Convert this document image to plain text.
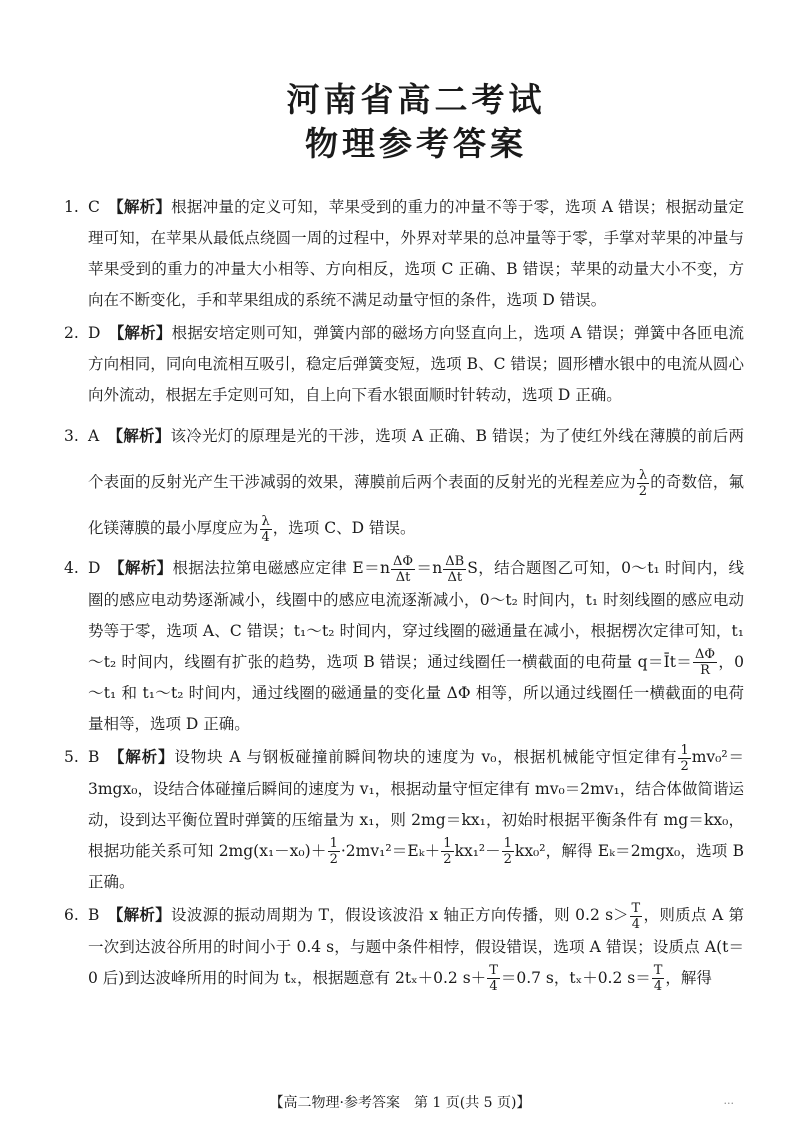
河南省高二考试
物理参考答案

1. C　 【解析】根据冲量的定义可知，苹果受到的重力的冲量不等于零，选项 A 错误；根据动量定理可知，在苹果从最低点绕圆一周的过程中，外界对苹果的总冲量等于零，手掌对苹果的冲量与苹果受到的重力的冲量大小相等、方向相反，选项 C 正确、B 错误；苹果的动量大小不变，方向在不断变化，手和苹果组成的系统不满足动量守恒的条件，选项 D 错误。

2. D　 【解析】根据安培定则可知，弹簧内部的磁场方向竖直向上，选项 A 错误；弹簧中各匝电流方向相同，同向电流相互吸引，稳定后弹簧变短，选项 B、C 错误；圆形槽水银中的电流从圆心向外流动，根据左手定则可知，自上向下看水银面顺时针转动，选项 D 正确。

3. A　 【解析】该冷光灯的原理是光的干涉，选项 A 正确、B 错误；为了使红外线在薄膜的前后两个表面的反射光产生干涉减弱的效果，薄膜前后两个表面的反射光的光程差应为 $\frac{\lambda}{2}$ 的奇数倍，氟化镁薄膜的最小厚度应为 $\frac{\lambda}{4}$ ，选项 C、D 错误。

4. D　 【解析】根据法拉第电磁感应定律 $E=n \frac{\Delta\Phi}{\Delta t} =n \frac{\Delta B}{\Delta t}$ S，结合题图乙可知，0～t₁ 时间内，线圈的感应电动势逐渐减小，线圈中的感应电流逐渐减小，0～t₂ 时间内，t₁ 时刻线圈的感应电动势等于零，选项 A、C 错误；t₁～t₂ 时间内，穿过线圈的磁通量在减小，根据楞次定律可知，t₁～t₂ 时间内，线圈有扩张的趋势，选项 B 错误；通过线圈任一横截面的电荷量 q＝Īt＝ $\frac{\Delta\Phi}{R}$ ，0～t₁ 和 t₁～t₂ 时间内，通过线圈的磁通量的变化量 ΔΦ 相等，所以通过线圈任一横截面的电荷量相等，选项 D 正确。

5. B　 【解析】设物块 A 与钢板碰撞前瞬间物块的速度为 v₀，根据机械能守恒定律有 $\frac{1}{2} mv_0^2=3mgx_0$，设结合体碰撞后瞬间的速度为 v₁，根据动量守恒定律有 mv₀＝2mv₁，结合体做简谐运动，设到达平衡位置时弹簧的压缩量为 x₁，则 2mg＝kx₁，初始时根据平衡条件有 mg＝kx₀，根据功能关系可知 $2mg(x_1-x_0)+ \frac{1}{2} \cdot 2mv_1^2=E_k+ \frac{1}{2} kx_1^2- \frac{1}{2} kx_0^2$，解得 Eₖ＝2mgx₀，选项 B 正确。

6. B　 【解析】设波源的振动周期为 T，假设该波沿 x 轴正方向传播，则 0.2 $s> \frac{T}{4}$ ，则质点 A 第一次到达波谷所用的时间小于 0.4 s，与题中条件相悖，假设错误，选项 A 错误；设质点 A(t＝0 后)到达波峰所用的时间为 tₓ，根据题意有 2tₓ＋0.2 $s+ \frac{T}{4} =0.7$ s，tₓ＋0.2 $s= \frac{T}{4}$ ，解得

【高二物理·参考答案　第 1 页(共 5 页)】	...
